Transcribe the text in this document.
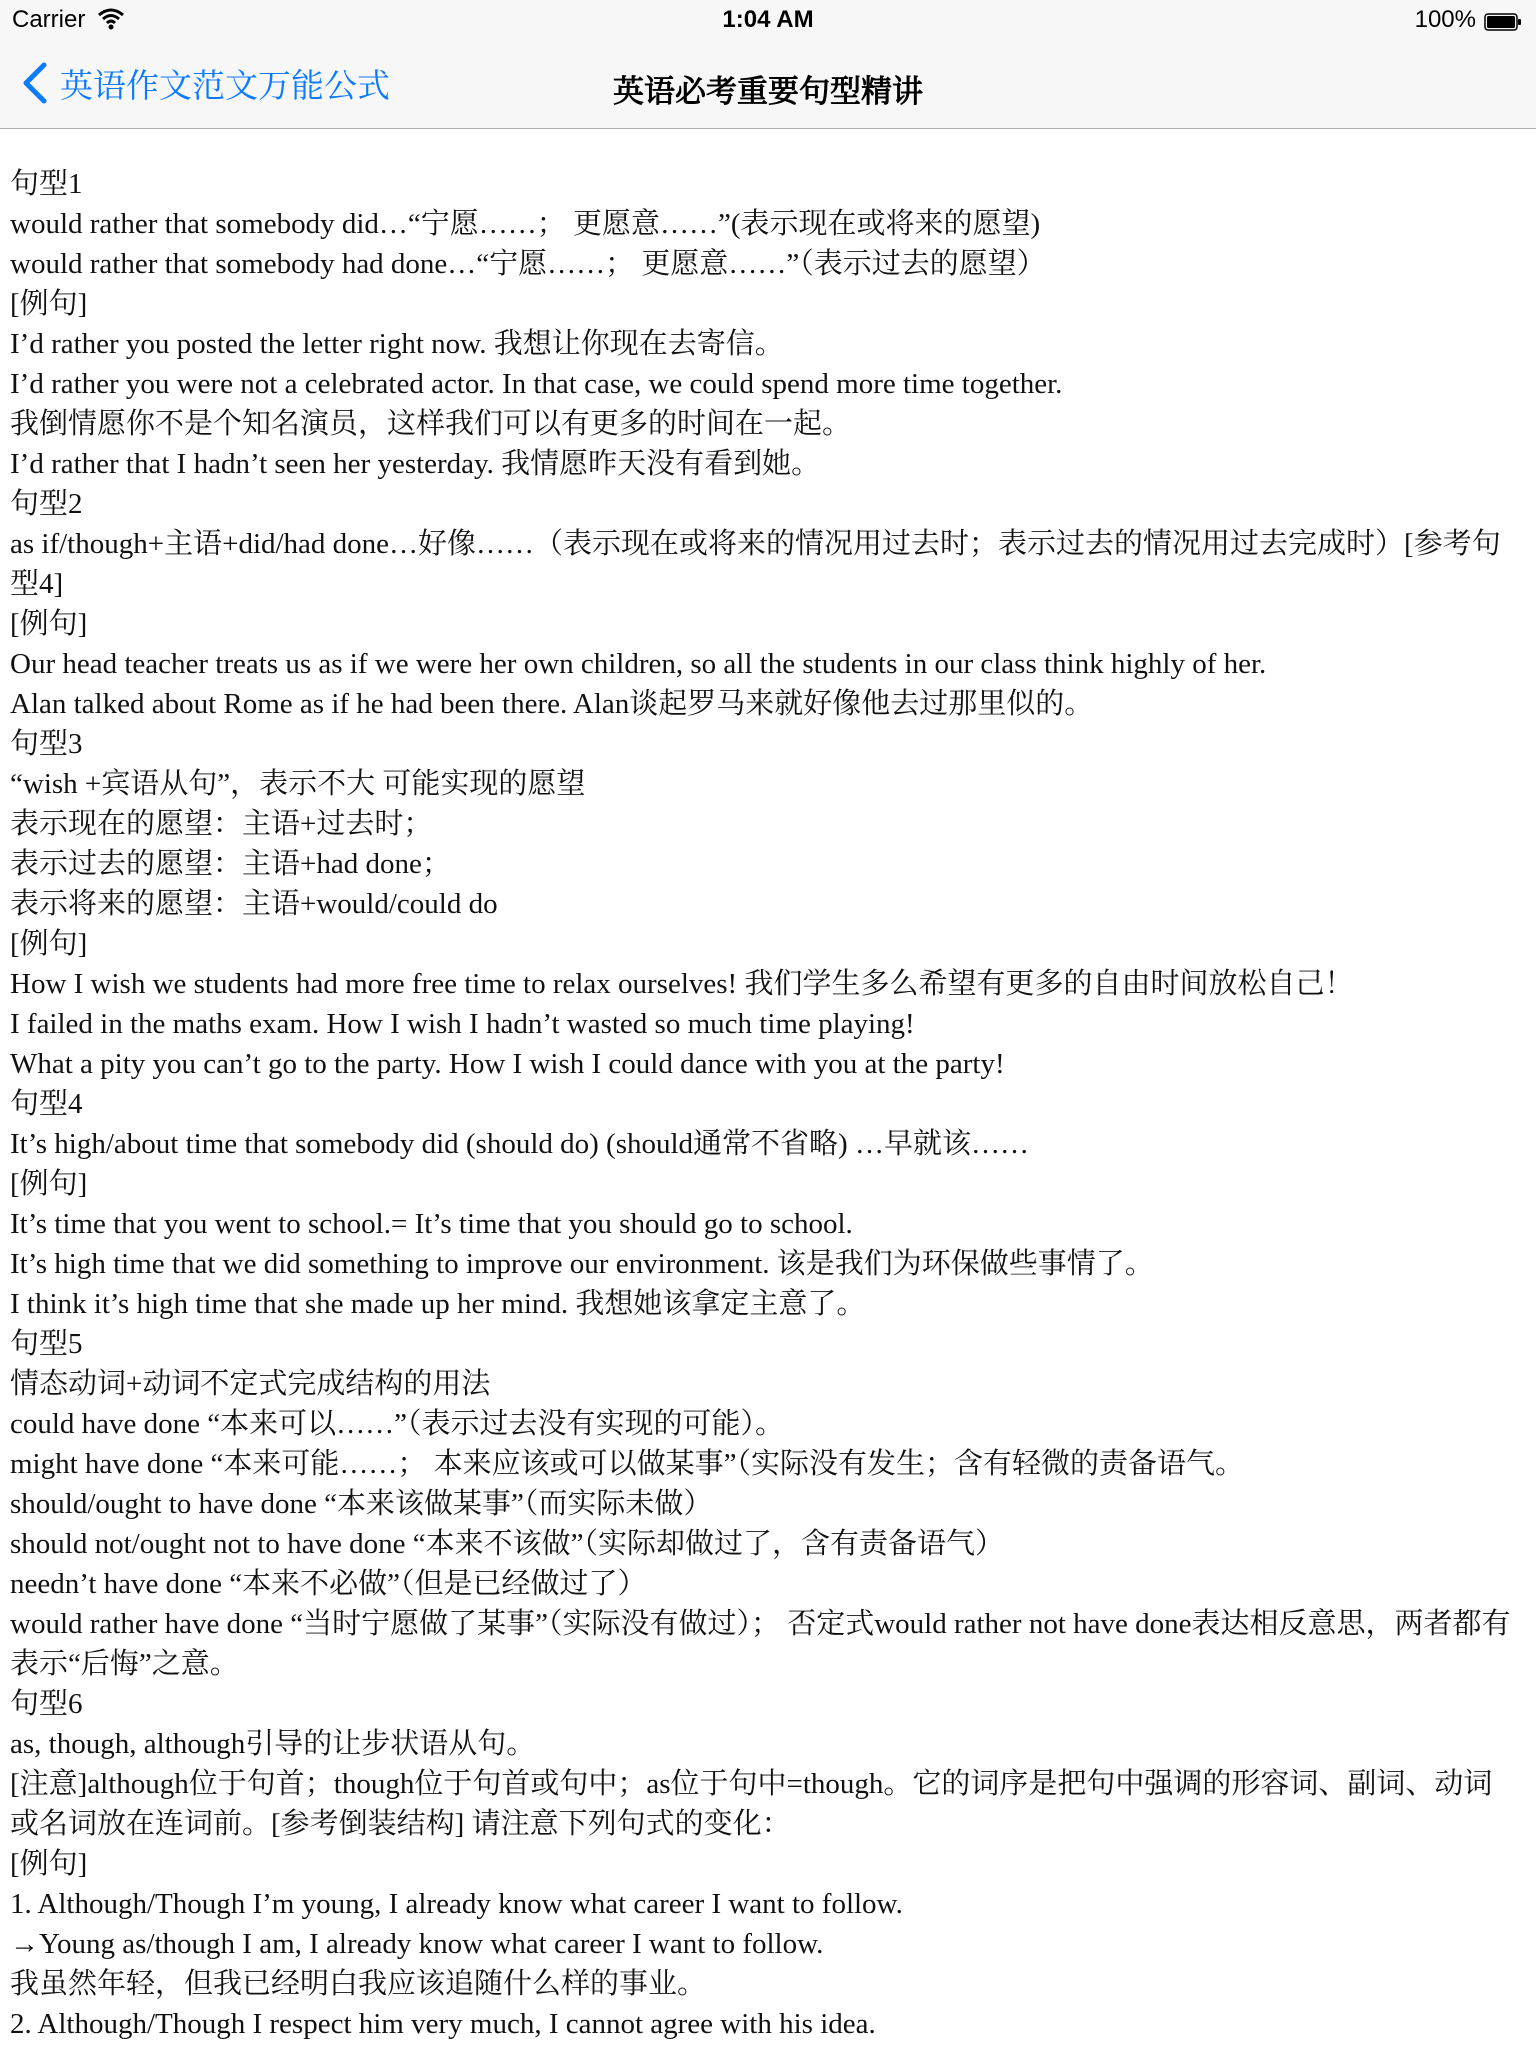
Carrier	1:04 AM	100%
英语作文范文万能公式	英语必考重要句型精讲

句型1

would rather that somebody did…“宁愿……； 更愿意……”(表示现在或将来的愿望)

would rather that somebody had done…“宁愿……； 更愿意……”（表示过去的愿望）

[例句]

I’d rather you posted the letter right now. 我想让你现在去寄信。

I’d rather you were not a celebrated actor. In that case, we could spend more time together.

我倒情愿你不是个知名演员，这样我们可以有更多的时间在一起。

I’d rather that I hadn’t seen her yesterday. 我情愿昨天没有看到她。

句型2

as if/though+主语+did/had done…好像……（表示现在或将来的情况用过去时；表示过去的情况用过去完成时）[参考句型4]

[例句]

Our head teacher treats us as if we were her own children, so all the students in our class think highly of her.

Alan talked about Rome as if he had been there. Alan谈起罗马来就好像他去过那里似的。

句型3

“wish +宾语从句”，表示不大 可能实现的愿望

表示现在的愿望：主语+过去时；

表示过去的愿望：主语+had done；

表示将来的愿望：主语+would/could do

[例句]

How I wish we students had more free time to relax ourselves! 我们学生多么希望有更多的自由时间放松自己！

I failed in the maths exam. How I wish I hadn’t wasted so much time playing!

What a pity you can’t go to the party. How I wish I could dance with you at the party!

句型4

It’s high/about time that somebody did (should do) (should通常不省略) …早就该……

[例句]

It’s time that you went to school.= It’s time that you should go to school.

It’s high time that we did something to improve our environment. 该是我们为环保做些事情了。

I think it’s high time that she made up her mind. 我想她该拿定主意了。

句型5

情态动词+动词不定式完成结构的用法

could have done “本来可以……”（表示过去没有实现的可能）。

might have done “本来可能……； 本来应该或可以做某事”（实际没有发生；含有轻微的责备语气。

should/ought to have done “本来该做某事”（而实际未做）

should not/ought not to have done “本来不该做”（实际却做过了，含有责备语气）

needn’t have done “本来不必做”（但是已经做过了）

would rather have done “当时宁愿做了某事”（实际没有做过）； 否定式would rather not have done表达相反意思，两者都有表示“后悔”之意。

句型6

as, though, although引导的让步状语从句。

[注意]although位于句首；though位于句首或句中；as位于句中=though。它的词序是把句中强调的形容词、副词、动词或名词放在连词前。[参考倒装结构] 请注意下列句式的变化：

[例句]

1. Although/Though I’m young, I already know what career I want to follow.

→Young as/though I am, I already know what career I want to follow.

我虽然年轻，但我已经明白我应该追随什么样的事业。

2. Although/Though I respect him very much, I cannot agree with his idea.
